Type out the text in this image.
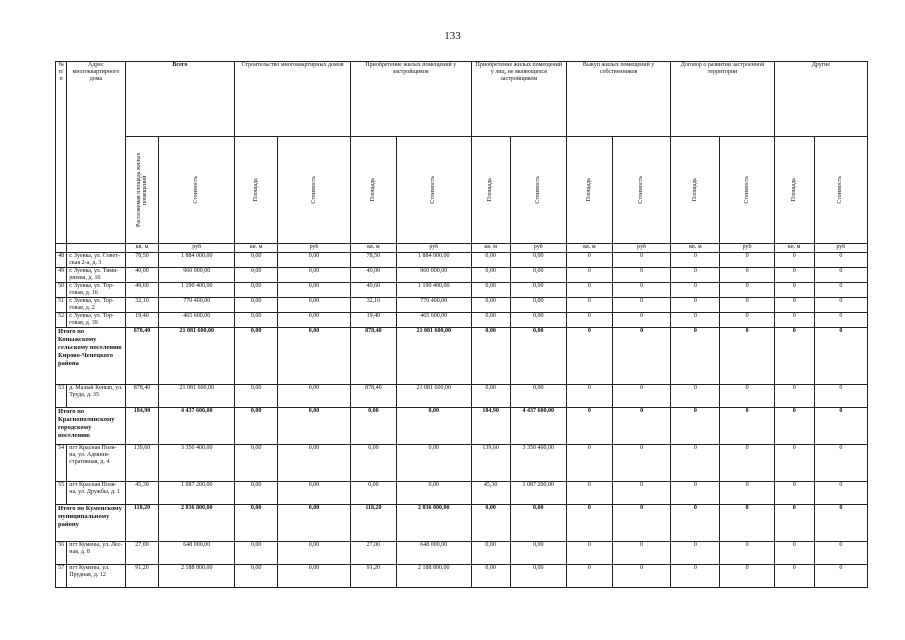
133
№ п/п	Адрес многоквартирного дома	Всего		Строительство многоквартирных домов		Приобретение жилых помещений у застройщиков		Приобретение жилых помещений у лиц, не являющихся застройщиком		Выкуп жилых помещений у собственников		Договор о развитии застроенной территории		Другие	

		Расселяемая площадь жилых помещений	Стоимость	Площадь	Стоимость	Площадь	Стоимость	Площадь	Стоимость	Площадь	Стоимость	Площадь	Стоимость	Площадь	Стоимость

		кв. м	руб	кв. м	руб	кв. м	руб	кв. м	руб	кв. м	руб	кв. м	руб	кв. м	руб
48	г. Зуевка, ул. Совет-ская 2-а, д. 3	78,50	1 884 000,00	0,00	0,00	78,50	1 884 000,00	0,00	0,00	0	0	0	0	0	0
49	г. Зуевка, ул. Тими-рязева, д. 10	40,00	960 000,00	0,00	0,00	40,00	960 000,00	0,00	0,00	0	0	0	0	0	0
50	г. Зуевка, ул. Тор-говая, д. 16	49,60	1 190 400,00	0,00	0,00	49,60	1 190 400,00	0,00	0,00	0	0	0	0	0	0
51	г. Зуевка, ул. Тор-говая, д. 2	32,10	770 400,00	0,00	0,00	32,10	770 400,00	0,00	0,00	0	0	0	0	0	0
52	г. Зуевка, ул. Тор-говая, д. 39	19,40	465 600,00	0,00	0,00	19,40	465 600,00	0,00	0,00	0	0	0	0	0	0
Итого по Коныжскому сельскому поселению Кирово-Чепецкого района		878,40	21 081 600,00	0,00	0,00	878,40	21 081 600,00	0,00	0,00	0	0	0	0	0	0
53	д. Малый Конып, ул. Труда, д. 35	878,40	21 081 600,00	0,00	0,00	878,40	21 081 600,00	0,00	0,00	0	0	0	0	0	0
Итого по Краснополянскому городскому поселению		184,90	4 437 600,00	0,00	0,00	0,00	0,00	184,90	4 437 600,00	0	0	0	0	0	0
54	пгт Красная Поля-на, ул. Админи-стративная, д. 4	139,60	3 350 400,00	0,00	0,00	0,00	0,00	139,60	3 350 400,00	0	0	0	0	0	0
55	пгт Красная Поля-на, ул. Дружбы, д. 1	45,30	1 087 200,00	0,00	0,00	0,00	0,00	45,30	1 087 200,00	0	0	0	0	0	0
Итого по Куменскому муниципальному району		118,20	2 836 800,00	0,00	0,00	118,20	2 836 800,00	0,00	0,00	0	0	0	0	0	0
56	пгт Кумены, ул. Лес-ная, д. 8	27,00	648 000,00	0,00	0,00	27,00	648 000,00	0,00	0,00	0	0	0	0	0	0
57	пгт Кумены, ул. Прудная, д. 12	91,20	2 188 800,00	0,00	0,00	91,20	2 188 800,00	0,00	0,00	0	0	0	0	0	0
